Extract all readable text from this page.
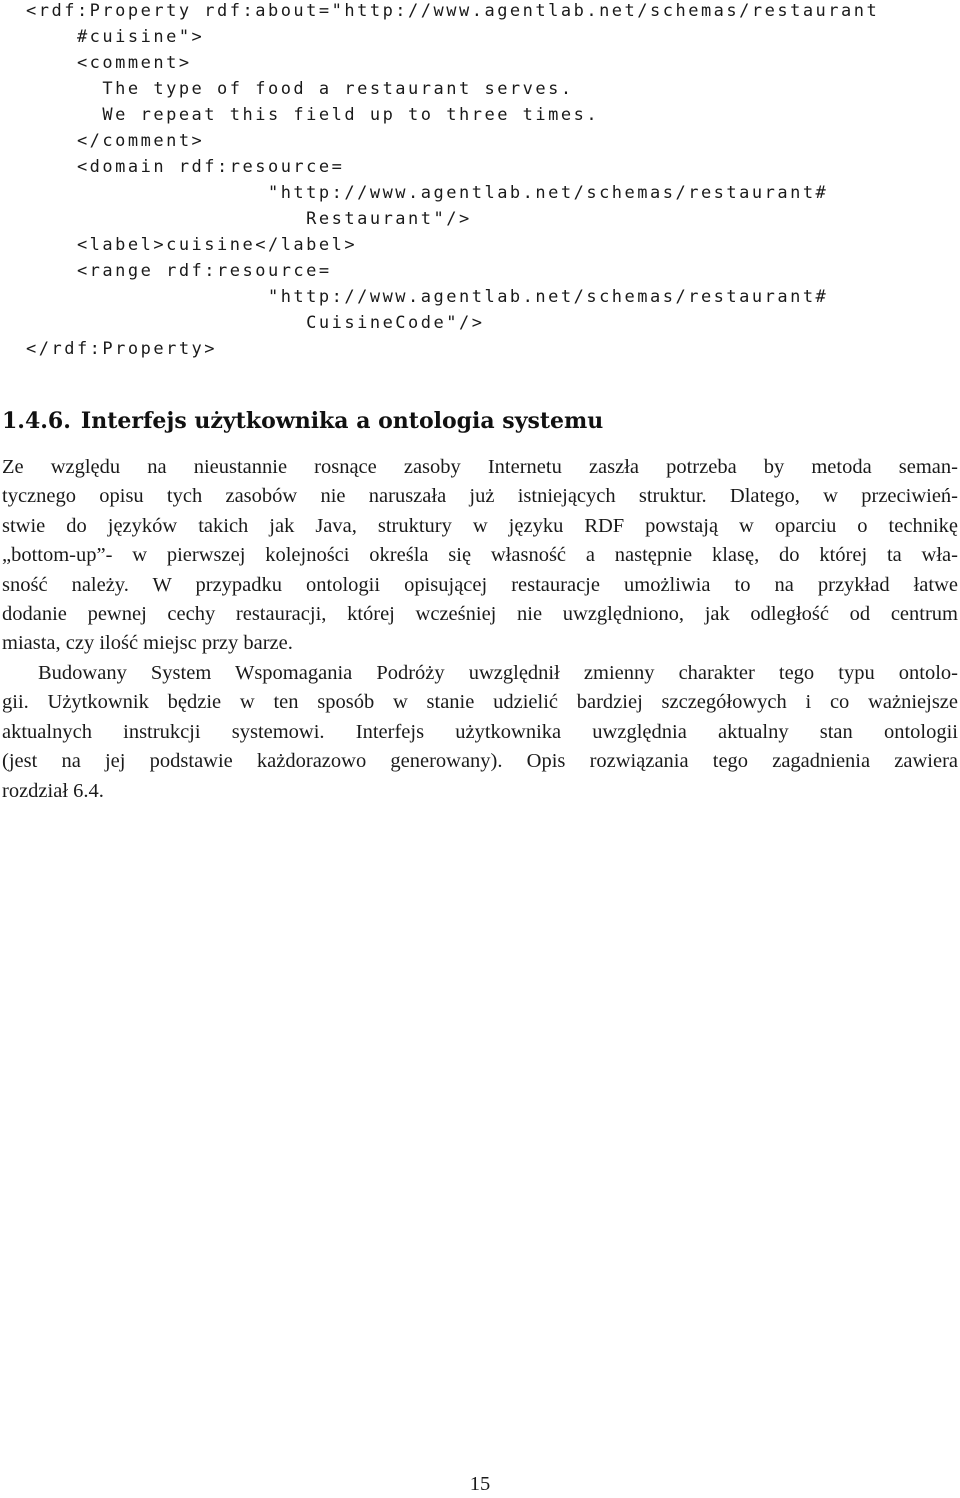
<rdf:Property rdf:about="http://www.agentlab.net/schemas/restaurant
#cuisine">
<comment>
The type of food a restaurant serves.
We repeat this field up to three times.
</comment>
<domain rdf:resource=
"http://www.agentlab.net/schemas/restaurant#
Restaurant"/>
<label>cuisine</label>
<range rdf:resource=
"http://www.agentlab.net/schemas/restaurant#
CuisineCode"/>
</rdf:Property>
1.4.6. Interfejs użytkownika a ontologia systemu
Ze względu na nieustannie rosnące zasoby Internetu zaszła potrzeba by metoda seman-
tycznego opisu tych zasobów nie naruszała już istniejących struktur. Dlatego, w przeciwień-
stwie do języków takich jak Java, struktury w języku RDF powstają w oparciu o technikę
„bottom-up”- w pierwszej kolejności określa się własność a następnie klasę, do której ta wła-
sność należy. W przypadku ontologii opisującej restauracje umożliwia to na przykład łatwe
dodanie pewnej cechy restauracji, której wcześniej nie uwzględniono, jak odległość od centrum
miasta, czy ilość miejsc przy barze.
Budowany System Wspomagania Podróży uwzględnił zmienny charakter tego typu ontolo-
gii. Użytkownik będzie w ten sposób w stanie udzielić bardziej szczegółowych i co ważniejsze
aktualnych instrukcji systemowi. Interfejs użytkownika uwzględnia aktualny stan ontologii
(jest na jej podstawie każdorazowo generowany). Opis rozwiązania tego zagadnienia zawiera
rozdział 6.4.

15
